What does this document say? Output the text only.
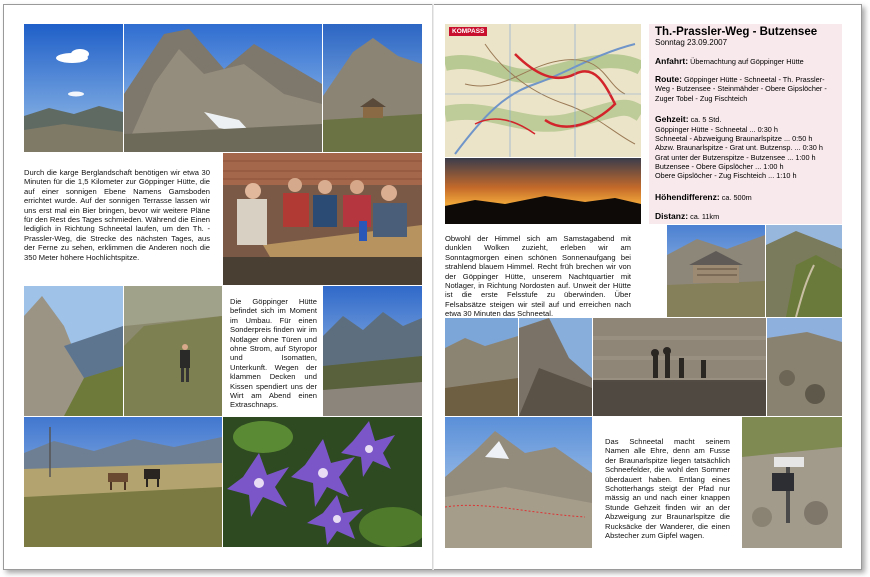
Durch die karge Berglandschaft benötigen wir etwa 30 Minuten für die 1,5 Kilometer zur Göppinger Hütte, die auf einer sonnigen Ebene Namens Gamsboden errichtet wurde. Auf der sonnigen Terrasse lassen wir uns erst mal ein Bier bringen, bevor wir weitere Pläne für den Rest des Tages schmieden. Während die Einen lediglich in Richtung Schneetal laufen, um den Th. -Prassler-Weg, die Strecke des nächsten Tages, aus der Ferne zu sehen, erklimmen die Anderen noch die 350 Meter höhere Hochlichtspitze.
Die Göppinger Hütte befindet sich im Moment im Umbau. Für einen Sonderpreis finden wir im Notlager ohne Türen und ohne Strom, auf Styropor und Isomatten, Unterkunft. Wegen der klammen Decken und Kissen spendiert uns der Wirt am Abend einen Extraschnaps.
KOMPASS	Th.-Prassler-Weg - Butzensee
Sonntag 23.09.2007
Anfahrt: Übernachtung auf Göppinger Hütte
Route: Göppinger Hütte - Schneetal - Th. Prassler-Weg - Butzensee - Steinmähder - Obere Gipslöcher - Zuger Tobel - Zug Fischteich
Gehzeit: ca. 5 Std.
Göppinger Hütte - Schneetal ... 0:30 h
Schneetal - Abzweigung Braunarlspitze ... 0:50 h
Abzw. Braunarlspitze - Grat unt. Butzensp. ... 0:30 h
Grat unter der Butzenspitze - Butzensee ... 1:00 h
Butzensee - Obere Gipslöcher ... 1:00 h
Obere Gipslöcher - Zug Fischteich ... 1:10 h
Höhendifferenz: ca. 500m
Distanz: ca. 11km
Obwohl der Himmel sich am Samstagabend mit dunklen Wolken zuzieht, erleben wir am Sonntagmorgen einen schönen Sonnenaufgang bei strahlend blauem Himmel. Recht früh brechen wir von der Göppinger Hütte, unserem Nachtquartier mit Notlager, in Richtung Nordosten auf. Unweit der Hütte ist die erste Felsstufe zu überwinden. Über Felsabsätze steigen wir steil auf und erreichen nach etwa 30 Minuten das Schneetal.
Das Schneetal macht seinem Namen alle Ehre, denn am Fusse der Braunarlspitze liegen tatsächlich Schneefelder, die wohl den Sommer überdauert haben. Entlang eines Schotterhangs steigt der Pfad nur mässig an und nach einer knappen Stunde Gehzeit finden wir an der Abzweigung zur Braunarlspitze die Rucksäcke der Wanderer, die einen Abstecher zum Gipfel wagen.
